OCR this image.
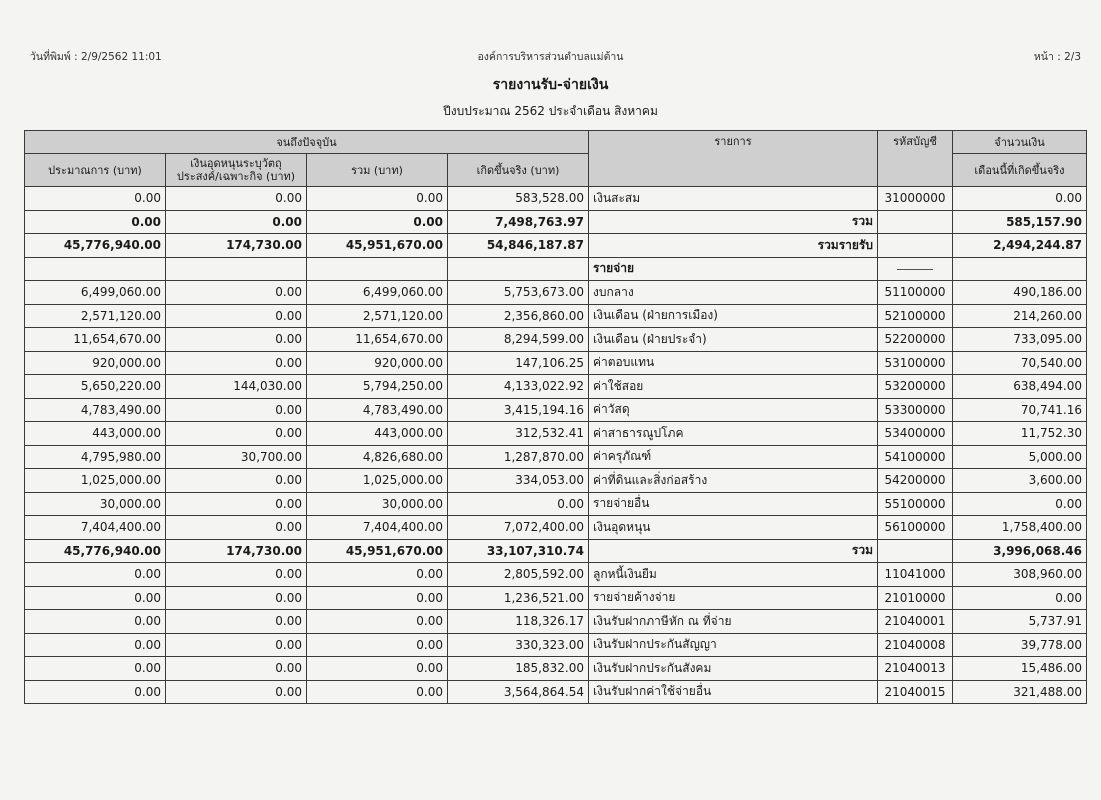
วันที่พิมพ์ : 2/9/2562 11:01	องค์การบริหารส่วนตำบลแม่ต้าน	หน้า : 2/3
รายงานรับ-จ่ายเงิน
ปีงบประมาณ 2562 ประจำเดือน สิงหาคม
จนถึงปัจจุบัน				รายการ	รหัสบัญชี	จำนวนเงิน
ประมาณการ (บาท)	เงินอุดหนุนระบุวัตถุ ประสงค์/เฉพาะกิจ (บาท)	รวม (บาท)	เกิดขึ้นจริง (บาท)			เดือนนี้ที่เกิดขึ้นจริง
0.00	0.00	0.00	583,528.00	เงินสะสม	31000000	0.00
0.00	0.00	0.00	7,498,763.97	รวม		585,157.90
45,776,940.00	174,730.00	45,951,670.00	54,846,187.87	รวมรายรับ		2,494,244.87
				รายจ่าย		
6,499,060.00	0.00	6,499,060.00	5,753,673.00	งบกลาง	51100000	490,186.00
2,571,120.00	0.00	2,571,120.00	2,356,860.00	เงินเดือน (ฝ่ายการเมือง)	52100000	214,260.00
11,654,670.00	0.00	11,654,670.00	8,294,599.00	เงินเดือน (ฝ่ายประจำ)	52200000	733,095.00
920,000.00	0.00	920,000.00	147,106.25	ค่าตอบแทน	53100000	70,540.00
5,650,220.00	144,030.00	5,794,250.00	4,133,022.92	ค่าใช้สอย	53200000	638,494.00
4,783,490.00	0.00	4,783,490.00	3,415,194.16	ค่าวัสดุ	53300000	70,741.16
443,000.00	0.00	443,000.00	312,532.41	ค่าสาธารณูปโภค	53400000	11,752.30
4,795,980.00	30,700.00	4,826,680.00	1,287,870.00	ค่าครุภัณฑ์	54100000	5,000.00
1,025,000.00	0.00	1,025,000.00	334,053.00	ค่าที่ดินและสิ่งก่อสร้าง	54200000	3,600.00
30,000.00	0.00	30,000.00	0.00	รายจ่ายอื่น	55100000	0.00
7,404,400.00	0.00	7,404,400.00	7,072,400.00	เงินอุดหนุน	56100000	1,758,400.00
45,776,940.00	174,730.00	45,951,670.00	33,107,310.74	รวม		3,996,068.46
0.00	0.00	0.00	2,805,592.00	ลูกหนี้เงินยืม	11041000	308,960.00
0.00	0.00	0.00	1,236,521.00	รายจ่ายค้างจ่าย	21010000	0.00
0.00	0.00	0.00	118,326.17	เงินรับฝากภาษีหัก ณ ที่จ่าย	21040001	5,737.91
0.00	0.00	0.00	330,323.00	เงินรับฝากประกันสัญญา	21040008	39,778.00
0.00	0.00	0.00	185,832.00	เงินรับฝากประกันสังคม	21040013	15,486.00
0.00	0.00	0.00	3,564,864.54	เงินรับฝากค่าใช้จ่ายอื่น	21040015	321,488.00
